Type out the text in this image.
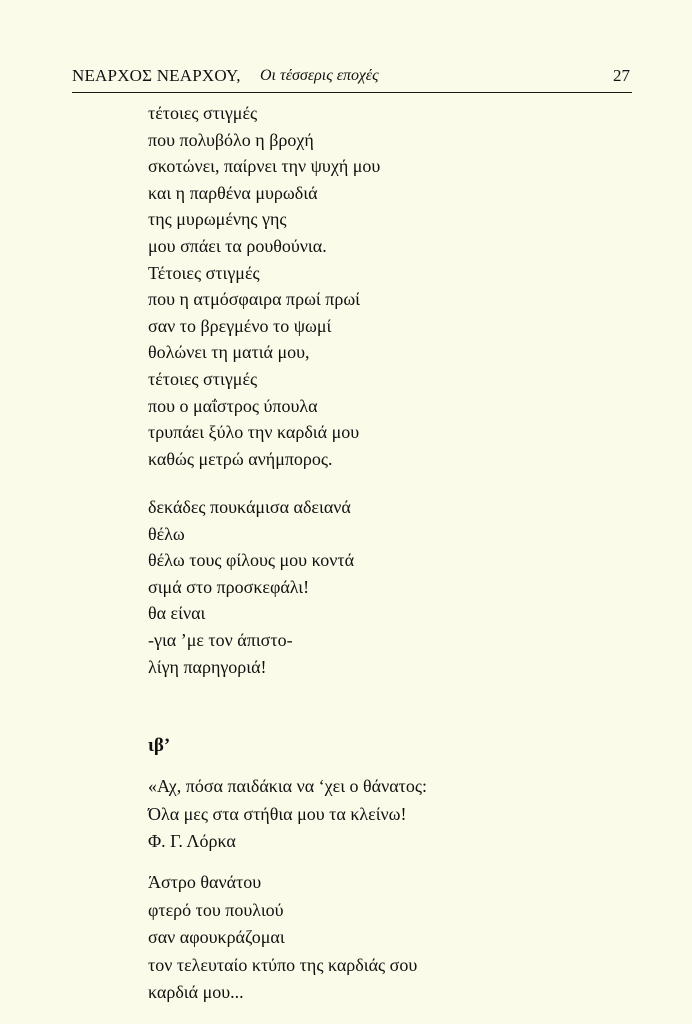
ΝΕΑΡΧΟΣ ΝΕΑΡΧΟΥ, Οι τέσσερις εποχές	27
τέτοιες στιγμές
που πολυβόλο η βροχή
σκοτώνει, παίρνει την ψυχή μου
και η παρθένα μυρωδιά
της μυρωμένης γης
μου σπάει τα ρουθούνια.
Τέτοιες στιγμές
που η ατμόσφαιρα πρωί πρωί
σαν το βρεγμένο το ψωμί
θολώνει τη ματιά μου,
τέτοιες στιγμές
που ο μαΐστρος ύπουλα
τρυπάει ξύλο την καρδιά μου
καθώς μετρώ ανήμπορος.
δεκάδες πουκάμισα αδειανά
θέλω
θέλω τους φίλους μου κοντά
σιμά στο προσκεφάλι!
θα είναι
-για ’με τον άπιστο-
λίγη παρηγοριά!
ιβ’
«Αχ, πόσα παιδάκια να ‘χει ο θάνατος:
Όλα μες στα στήθια μου τα κλείνω!
Φ. Γ. Λόρκα
Άστρο θανάτου
φτερό του πουλιού
σαν αφουκράζομαι
τον τελευταίο κτύπο της καρδιάς σου
καρδιά μου...
